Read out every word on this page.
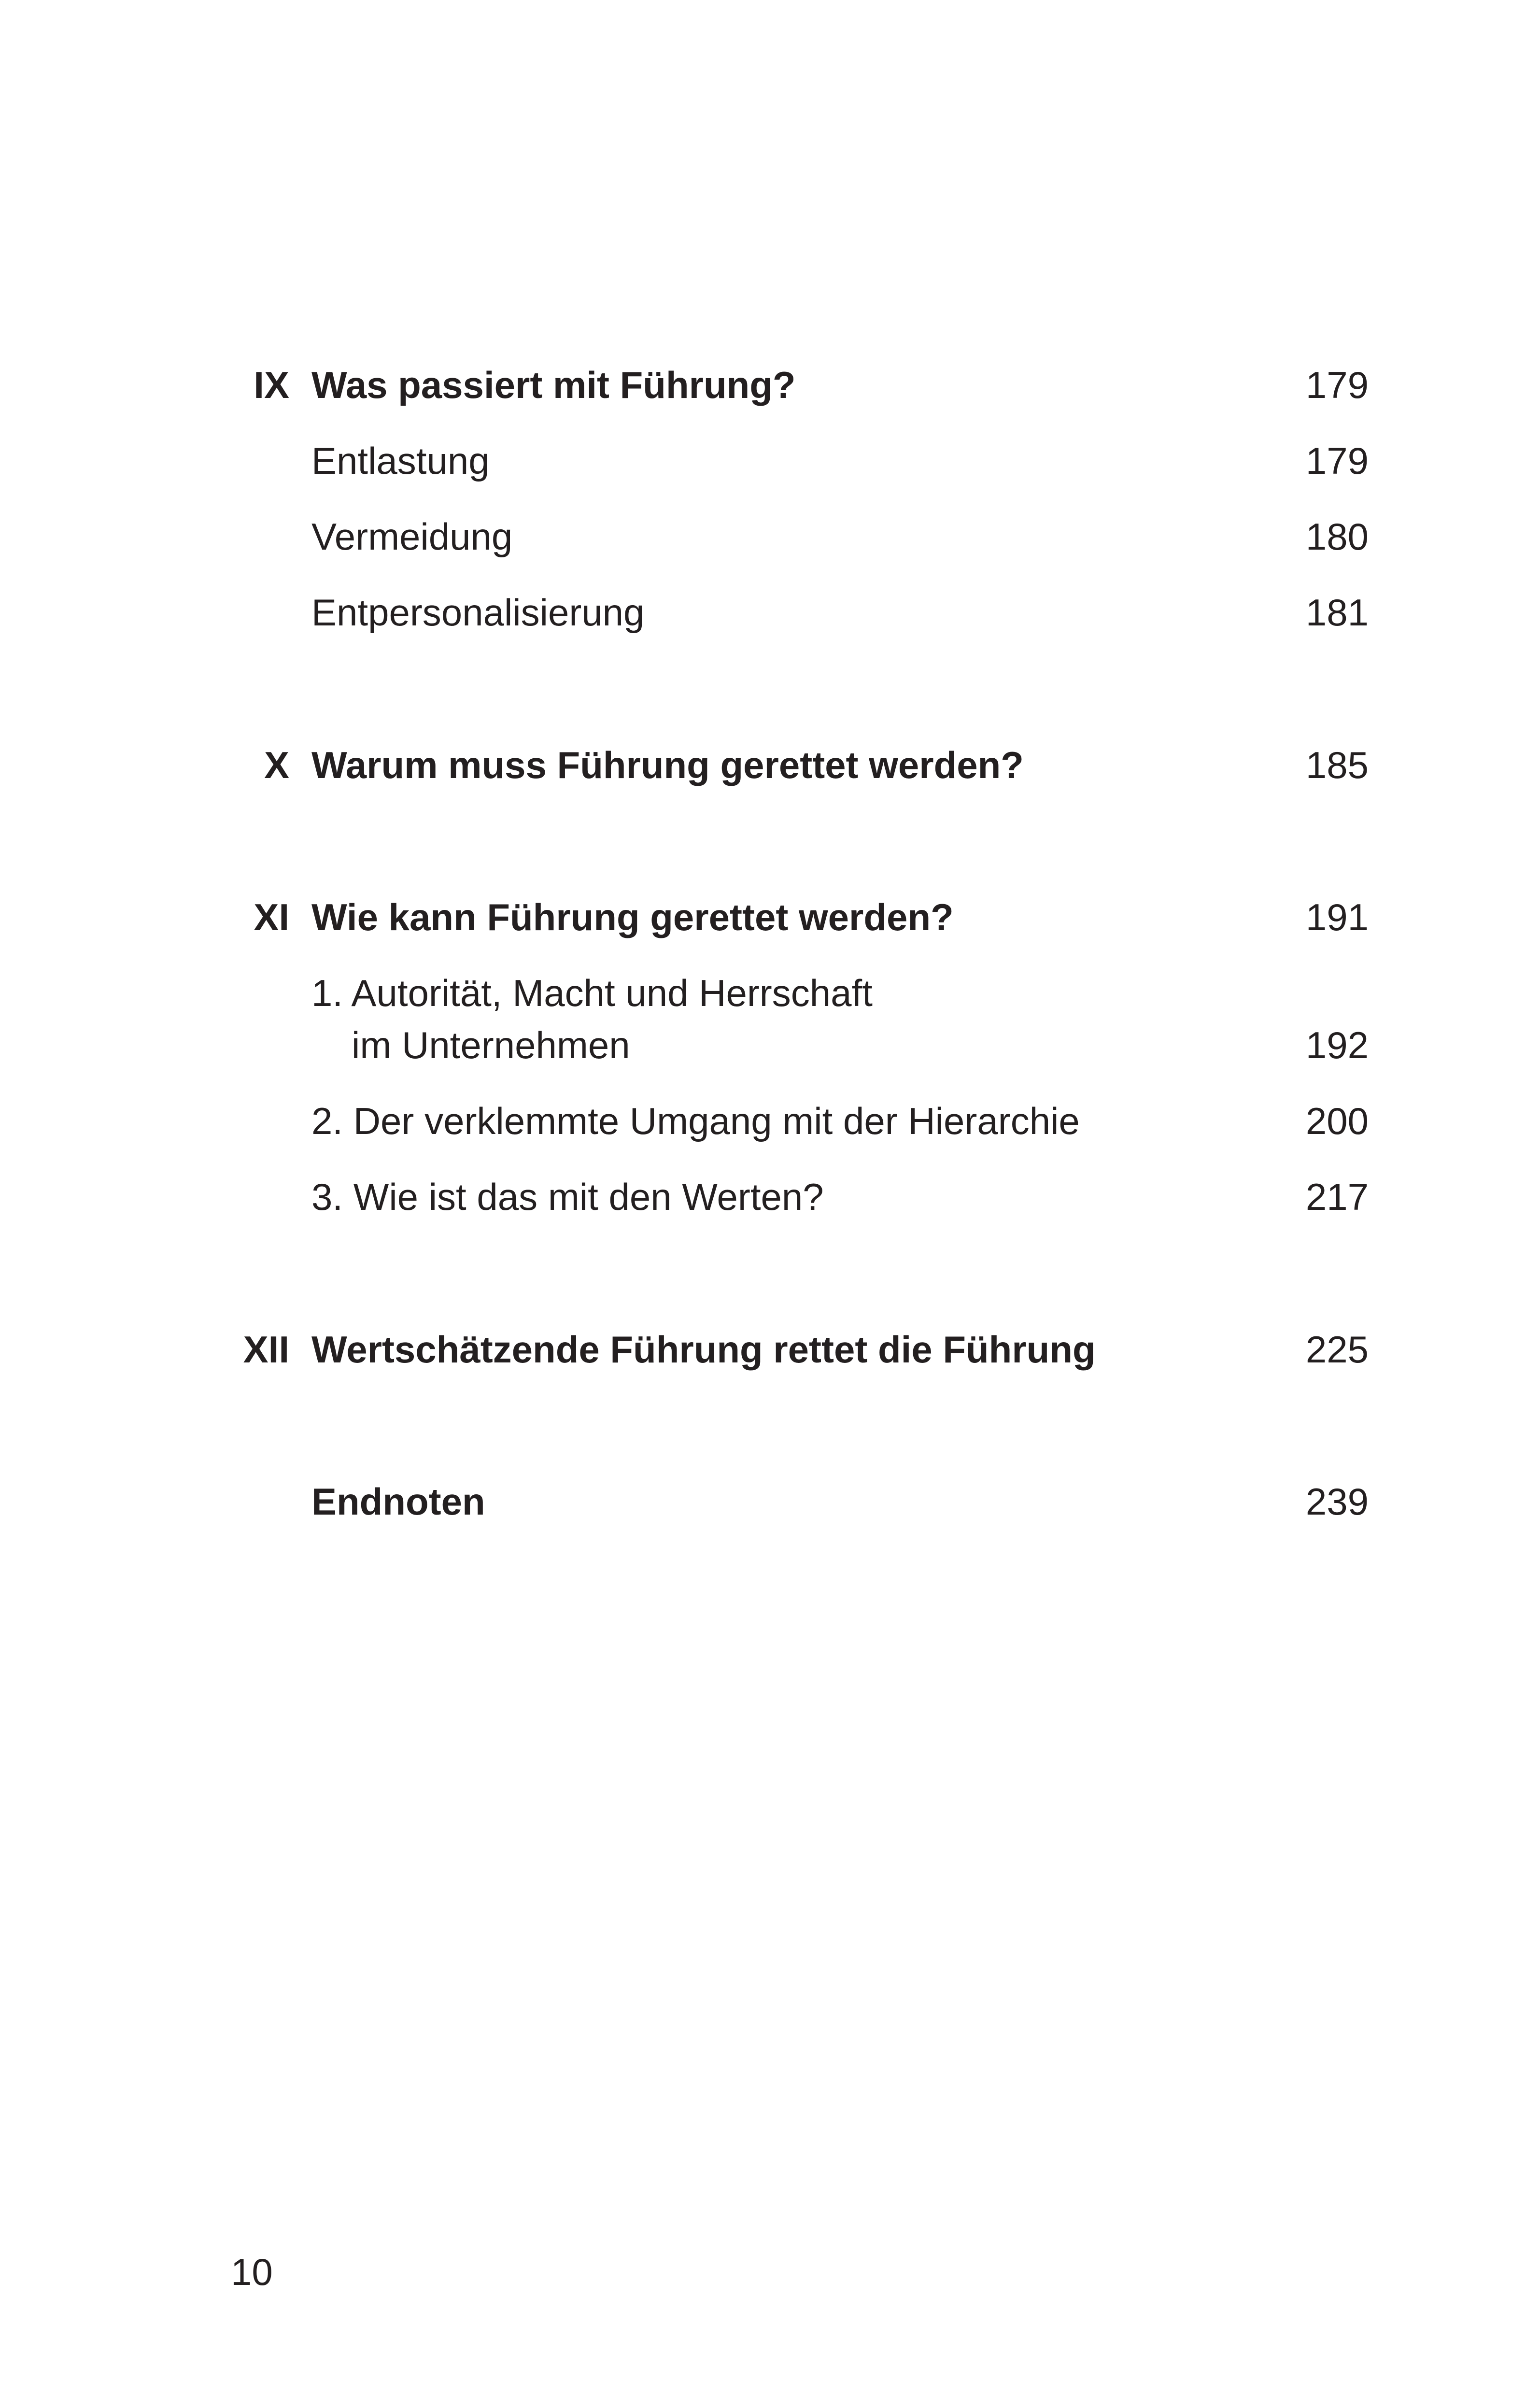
IX Was passiert mit Führung?	179
Entlastung	179
Vermeidung	180
Entpersonalisierung	181
X Warum muss Führung gerettet werden?	185
XI Wie kann Führung gerettet werden?	191
1. Autorität, Macht und Herrschaft
im Unternehmen	192
2. Der verklemmte Umgang mit der Hierarchie	200
3. Wie ist das mit den Werten?	217
XII Wertschätzende Führung rettet die Führung	225
Endnoten	239
10
